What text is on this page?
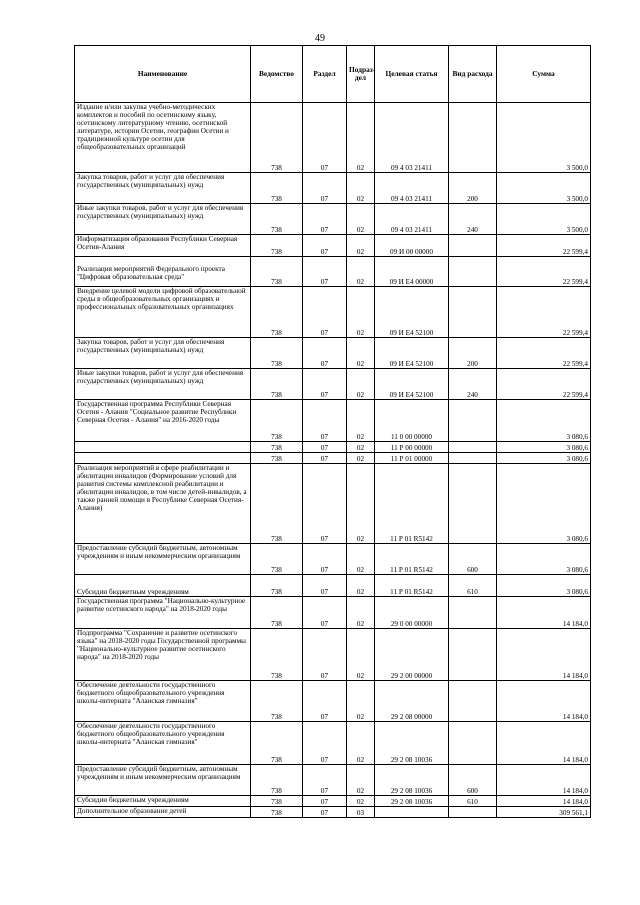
49
Наименование	Ведомство	Раздел	Подраз-дел	Целевая статья	Вид расхода	Сумма
Издание и/или закупка учебно-методических комплектов и пособий по осетинскому языку, осетинскому литературному чтению, осетинской литературе, истории Осетии, географии Осетии и традиционной культуре осетин для общеобразовательных организаций	738	07	02	09 4 03 21411		3 500,0
Закупка товаров, работ и услуг для обеспечения государственных (муниципальных) нужд	738	07	02	09 4 03 21411	200	3 500,0
Иные закупки товаров, работ и услуг для обеспечения государственных (муниципальных) нужд	738	07	02	09 4 03 21411	240	3 500,0
Информатизация образования Республики Северная Осетия-Алания	738	07	02	09 И 00 00000		22 599,4
Реализация мероприятий Федерального проекта "Цифровая образовательная среда"	738	07	02	09 И Е4 00000		22 599,4
Внедрение целевой модели цифровой образовательной среды в общеобразовательных организациях и профессиональных образовательных организациях	738	07	02	09 И Е4 52100		22 599,4
Закупка товаров, работ и услуг для обеспечения государственных (муниципальных) нужд	738	07	02	09 И Е4 52100	200	22 599,4
Иные закупки товаров, работ и услуг для обеспечения государственных (муниципальных) нужд	738	07	02	09 И Е4 52100	240	22 599,4
Государственная программа Республики Северная Осетия - Алания "Социальное развитие Республики Северная Осетия - Алания" на 2016-2020 годы	738	07	02	11 0 00 00000		3 080,6
	738	07	02	11 Р 00 00000		3 080,6
	738	07	02	11 Р 01 00000		3 080,6
Реализация мероприятий в сфере реабилитации и абилитации инвалидов (Формирование условий для развития системы комплексной реабилитации и абилитации инвалидов, в том числе детей-инвалидов, а также ранней помощи в Республике Северная Осетия-Алания)	738	07	02	11 Р 01 R5142		3 080,6
Предоставление субсидий бюджетным, автономным учреждениям и иным некоммерческим организациям	738	07	02	11 Р 01 R5142	600	3 080,6
Субсидии бюджетным учреждениям	738	07	02	11 Р 01 R5142	610	3 080,6
Государственная программа "Национально-культурное развитие осетинского народа" на 2018-2020 годы	738	07	02	29 0 00 00000		14 184,0
Подпрограмма "Сохранение и развитие осетинского языка" на 2018-2020 годы Государственной программы "Национально-культурное развитие осетинского народа" на 2018-2020 годы	738	07	02	29 2 00 00000		14 184,0
Обеспечение деятельности государственного бюджетного общеобразовательного учреждения школы-интерната "Аланская гимназия"	738	07	02	29 2 08 00000		14 184,0
Обеспечение деятельности государственного бюджетного общеобразовательного учреждения школы-интерната "Аланская гимназия"	738	07	02	29 2 08 10036		14 184,0
Предоставление субсидий бюджетным, автономным учреждениям и иным некоммерческим организациям	738	07	02	29 2 08 10036	600	14 184,0
Субсидии бюджетным учреждениям	738	07	02	29 2 08 10036	610	14 184,0
Дополнительное образование детей	738	07	03			309 561,1
